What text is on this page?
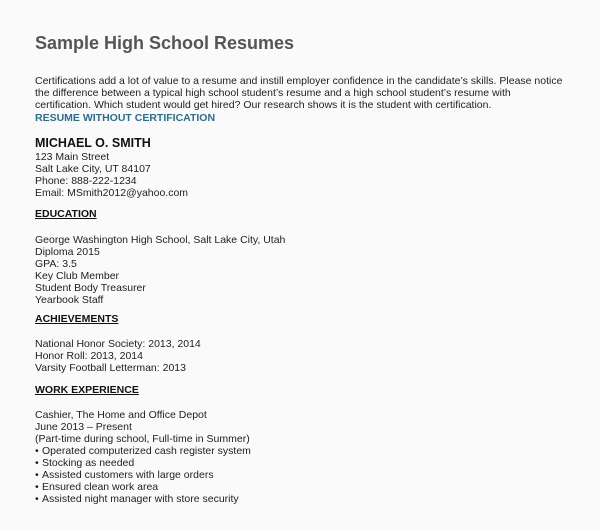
Sample High School Resumes

Certifications add a lot of value to a resume and instill employer confidence in the candidate’s skills. Please notice the difference between a typical high school student’s resume and a high school student’s resume with certification. Which student would get hired? Our research shows it is the student with certification.

RESUME WITHOUT CERTIFICATION
MICHAEL O. SMITH
123 Main Street
Salt Lake City, UT 84107
Phone: 888-222-1234
Email: MSmith2012@yahoo.com
EDUCATION
George Washington High School, Salt Lake City, Utah
Diploma 2015
GPA: 3.5
Key Club Member
Student Body Treasurer
Yearbook Staff
ACHIEVEMENTS
National Honor Society: 2013, 2014
Honor Roll: 2013, 2014
Varsity Football Letterman: 2013
WORK EXPERIENCE
Cashier, The Home and Office Depot
June 2013 – Present
(Part-time during school, Full-time in Summer)
• Operated computerized cash register system
• Stocking as needed
• Assisted customers with large orders
• Ensured clean work area
• Assisted night manager with store security
